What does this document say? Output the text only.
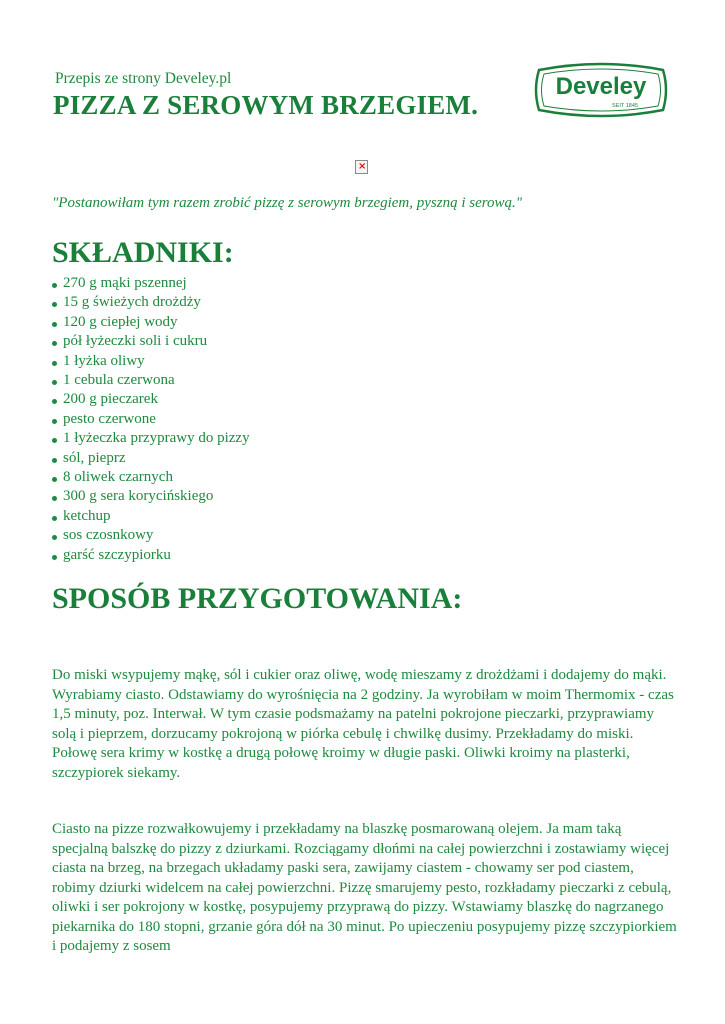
Przepis ze strony Develey.pl
PIZZA Z SEROWYM BRZEGIEM.
Develey
SEIT 1845
×
"Postanowiłam tym razem zrobić pizzę z serowym brzegiem, pyszną i serową."
SKŁADNIKI:
270 g mąki pszennej
15 g świeżych drożdży
120 g ciepłej wody
pół łyżeczki soli i cukru
1 łyżka oliwy
1 cebula czerwona
200 g pieczarek
pesto czerwone
1 łyżeczka przyprawy do pizzy
sól, pieprz
8 oliwek czarnych
300 g sera korycińskiego
ketchup
sos czosnkowy
garść szczypiorku
SPOSÓB PRZYGOTOWANIA:

Do miski wsypujemy mąkę, sól i cukier oraz oliwę, wodę mieszamy z drożdżami i dodajemy do mąki. Wyrabiamy ciasto. Odstawiamy do wyrośnięcia na 2 godziny. Ja wyrobiłam w moim Thermomix - czas 1,5 minuty, poz. Interwał. W tym czasie podsmażamy na patelni pokrojone pieczarki, przyprawiamy solą i pieprzem, dorzucamy pokrojoną w piórka cebulę i chwilkę dusimy. Przekładamy do miski. Połowę sera krimy w kostkę a drugą połowę kroimy w długie paski. Oliwki kroimy na plasterki, szczypiorek siekamy.

Ciasto na pizze rozwałkowujemy i przekładamy na blaszkę posmarowaną olejem. Ja mam taką specjalną balszkę do pizzy z dziurkami. Rozciągamy dłońmi na całej powierzchni i zostawiamy więcej ciasta na brzeg, na brzegach układamy paski sera, zawijamy ciastem - chowamy ser pod ciastem, robimy dziurki widelcem na całej powierzchni. Pizzę smarujemy pesto, rozkładamy pieczarki z cebulą, oliwki i ser pokrojony w kostkę, posypujemy przyprawą do pizzy. Wstawiamy blaszkę do nagrzanego piekarnika do 180 stopni, grzanie góra dół na 30 minut. Po upieczeniu posypujemy pizzę szczypiorkiem i podajemy z sosem
